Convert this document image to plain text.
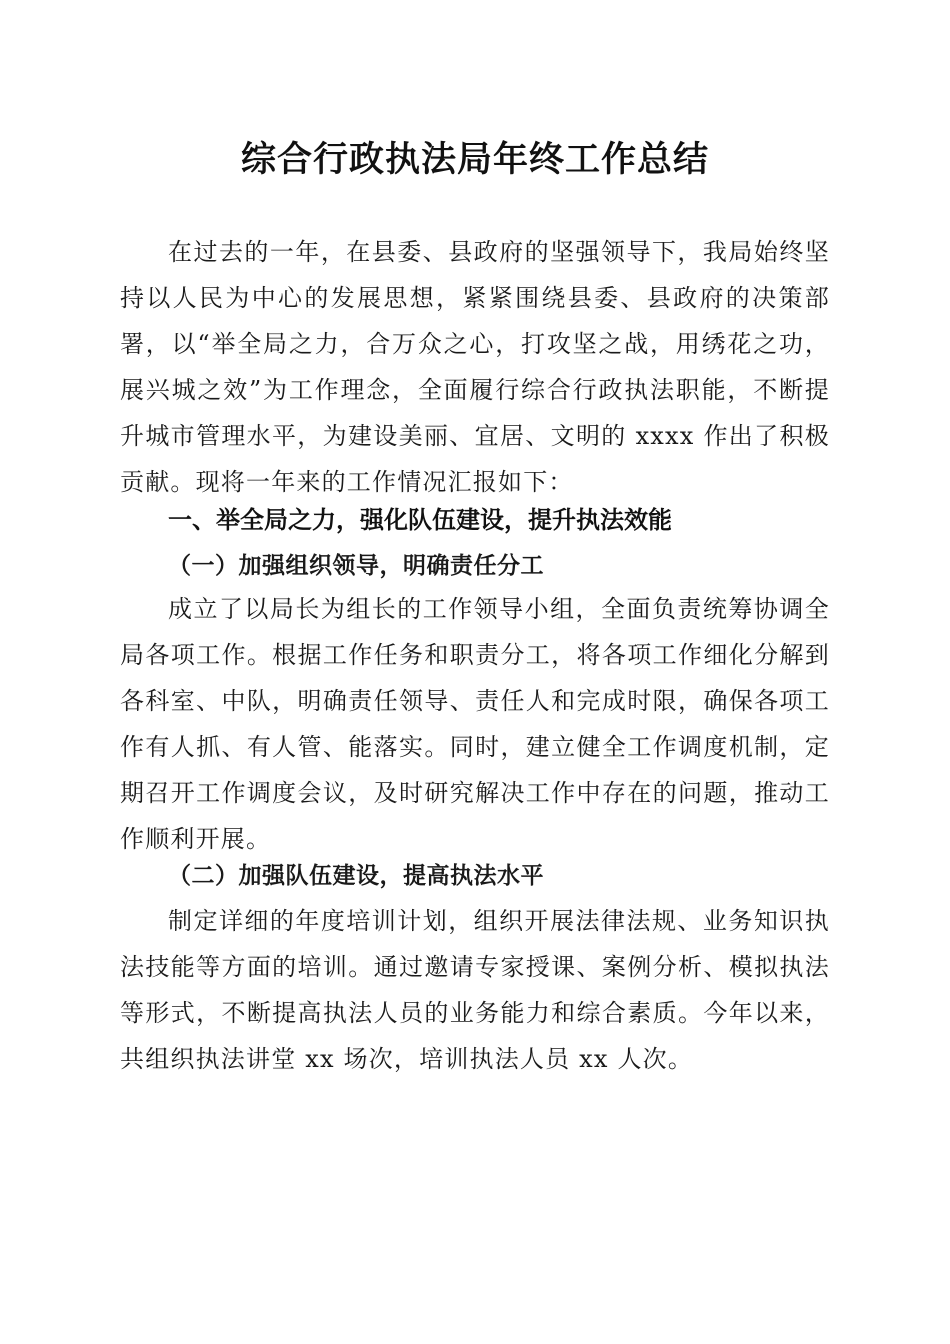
综合行政执法局年终工作总结

在过去的一年，在县委、县政府的坚强领导下，我局始终坚持以人民为中心的发展思想，紧紧围绕县委、县政府的决策部署，以“举全局之力，合万众之心，打攻坚之战，用绣花之功，展兴城之效”为工作理念，全面履行综合行政执法职能，不断提升城市管理水平，为建设美丽、宜居、文明的 xxxx 作出了积极贡献。现将一年来的工作情况汇报如下：

一、举全局之力，强化队伍建设，提升执法效能
（一）加强组织领导，明确责任分工

成立了以局长为组长的工作领导小组，全面负责统筹协调全局各项工作。根据工作任务和职责分工，将各项工作细化分解到各科室、中队，明确责任领导、责任人和完成时限，确保各项工作有人抓、有人管、能落实。同时，建立健全工作调度机制，定期召开工作调度会议，及时研究解决工作中存在的问题，推动工作顺利开展。

（二）加强队伍建设，提高执法水平

制定详细的年度培训计划，组织开展法律法规、业务知识执法技能等方面的培训。通过邀请专家授课、案例分析、模拟执法等形式，不断提高执法人员的业务能力和综合素质。今年以来，共组织执法讲堂 xx 场次，培训执法人员 xx 人次。
